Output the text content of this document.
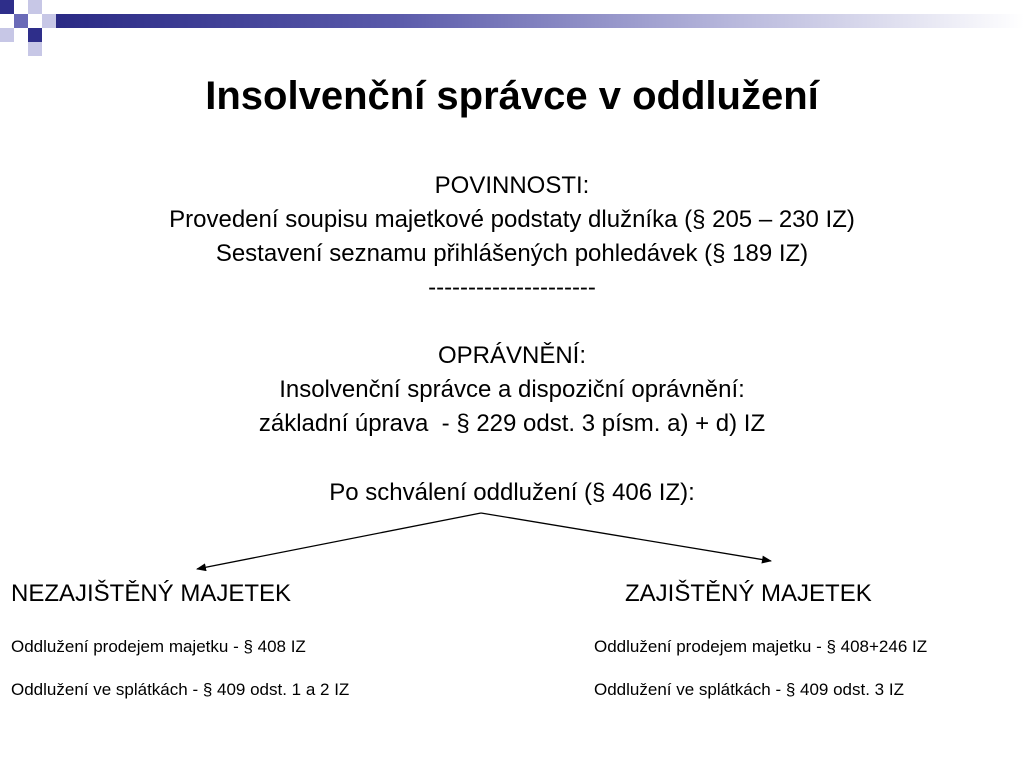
Insolvenční správce v oddlužení
POVINNOSTI:
Provedení soupisu majetkové podstaty dlužníka (§ 205 – 230 IZ)
Sestavení seznamu přihlášených pohledávek (§ 189 IZ)
---------------------
OPRÁVNĚNÍ:
Insolvenční správce a dispoziční oprávnění:
základní úprava  - § 229 odst. 3 písm. a) + d) IZ
Po schválení oddlužení (§ 406 IZ):
NEZAJIŠTĚNÝ MAJETEK	ZAJIŠTĚNÝ MAJETEK
Oddlužení prodejem majetku - § 408 IZ
Oddlužení ve splátkách - § 409 odst. 1 a 2 IZ
Oddlužení prodejem majetku - § 408+246 IZ
Oddlužení ve splátkách - § 409 odst. 3 IZ
